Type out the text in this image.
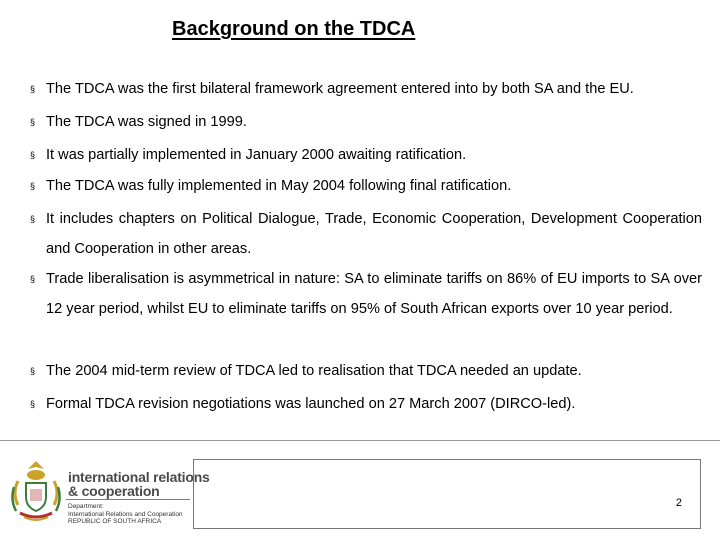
Background on the TDCA
§ The TDCA was the first bilateral framework agreement entered into by both SA and the EU.
§ The TDCA was signed in 1999.
§ It was partially implemented in January 2000 awaiting ratification.
§ The TDCA was fully implemented in May 2004 following final ratification.
§ It includes chapters on Political Dialogue, Trade, Economic Cooperation, Development Cooperation and Cooperation in other areas.
§ Trade liberalisation is asymmetrical in nature: SA to eliminate tariffs on 86% of EU imports to SA over 12 year period, whilst EU to eliminate tariffs on 95% of South African exports over 10 year period.
§ The 2004 mid-term review of TDCA led to realisation that TDCA needed an update.
§ Formal TDCA revision negotiations was launched on 27 March 2007 (DIRCO-led).
international relations
& cooperation
Department:
International Relations and Cooperation
REPUBLIC OF SOUTH AFRICA
2
